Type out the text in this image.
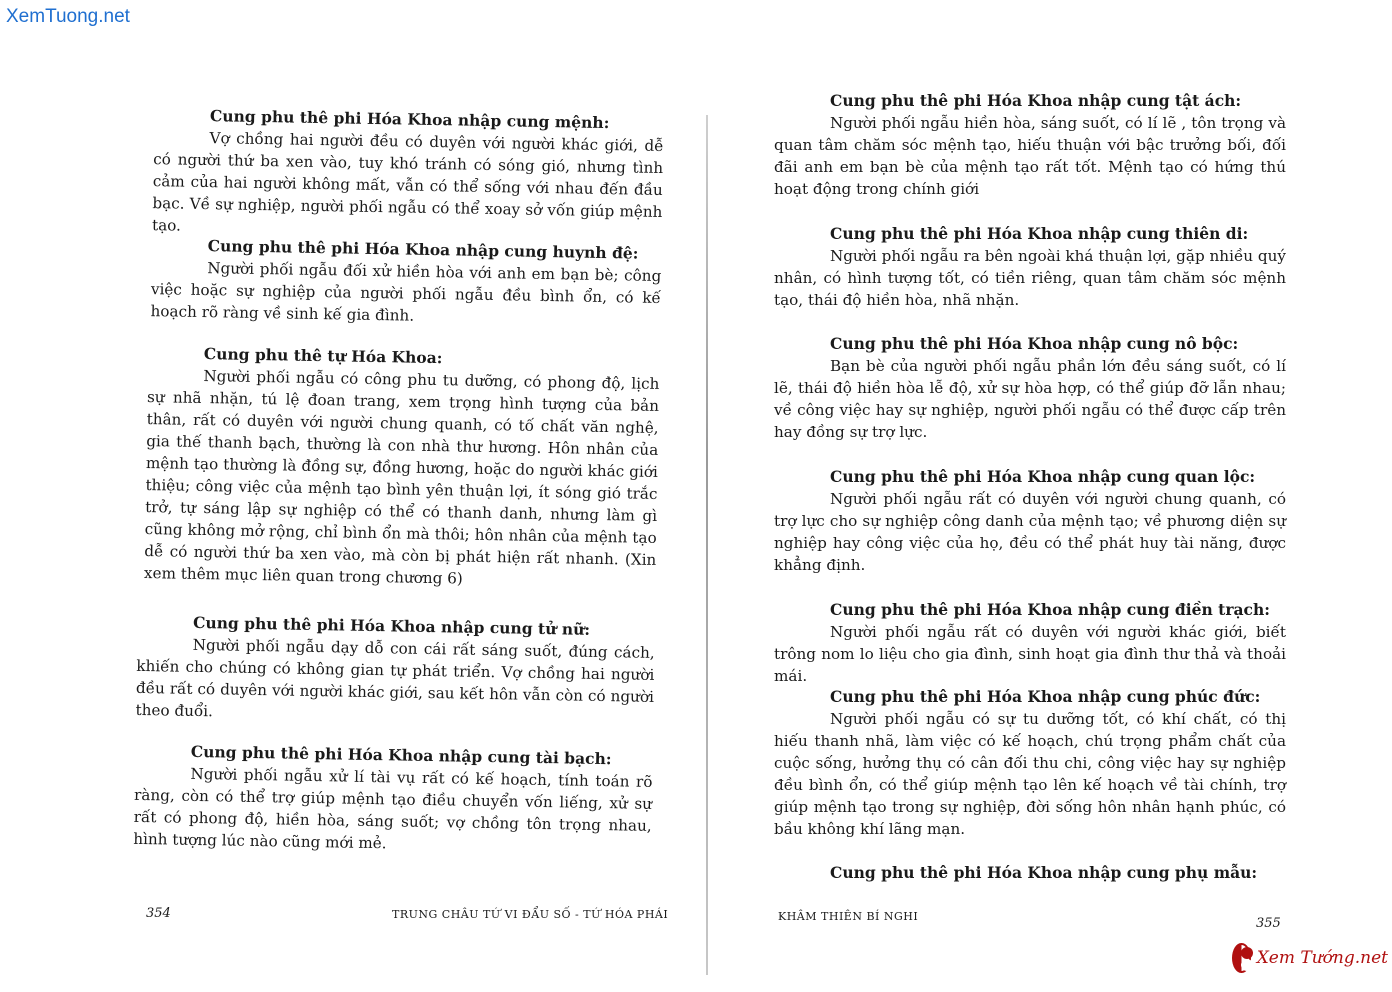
XemTuong.net

Cung phu thê phi Hóa Khoa nhập cung mệnh:

Vợ chồng hai người đều có duyên với người khác giới, dễ có người thứ ba xen vào, tuy khó tránh có sóng gió, nhưng tình cảm của hai người không mất, vẫn có thể sống với nhau đến đầu bạc. Về sự nghiệp, người phối ngẫu có thể xoay sở vốn giúp mệnh tạo.

Cung phu thê phi Hóa Khoa nhập cung huynh đệ:

Người phối ngẫu đối xử hiền hòa với anh em bạn bè; công việc hoặc sự nghiệp của người phối ngẫu đều bình ổn, có kế hoạch rõ ràng về sinh kế gia đình.

Cung phu thê tự Hóa Khoa:

Người phối ngẫu có công phu tu dưỡng, có phong độ, lịch sự nhã nhặn, tú lệ đoan trang, xem trọng hình tượng của bản thân, rất có duyên với người chung quanh, có tố chất văn nghệ, gia thế thanh bạch, thường là con nhà thư hương. Hôn nhân của mệnh tạo thường là đồng sự, đồng hương, hoặc do người khác giới thiệu; công việc của mệnh tạo bình yên thuận lợi, ít sóng gió trắc trở, tự sáng lập sự nghiệp có thể có thanh danh, nhưng làm gì cũng không mở rộng, chỉ bình ổn mà thôi; hôn nhân của mệnh tạo dễ có người thứ ba xen vào, mà còn bị phát hiện rất nhanh. (Xin xem thêm mục liên quan trong chương 6)

Cung phu thê phi Hóa Khoa nhập cung tử nữ:

Người phối ngẫu dạy dỗ con cái rất sáng suốt, đúng cách, khiến cho chúng có không gian tự phát triển. Vợ chồng hai người đều rất có duyên với người khác giới, sau kết hôn vẫn còn có người theo đuổi.

Cung phu thê phi Hóa Khoa nhập cung tài bạch:

Người phối ngẫu xử lí tài vụ rất có kế hoạch, tính toán rõ ràng, còn có thể trợ giúp mệnh tạo điều chuyển vốn liếng, xử sự rất có phong độ, hiền hòa, sáng suốt; vợ chồng tôn trọng nhau, hình tượng lúc nào cũng mới mẻ.

354	TRUNG CHÂU TỨ VI ĐẨU SỐ - TỨ HÓA PHÁI

Cung phu thê phi Hóa Khoa nhập cung tật ách:

Người phối ngẫu hiền hòa, sáng suốt, có lí lẽ , tôn trọng và quan tâm chăm sóc mệnh tạo, hiếu thuận với bậc trưởng bối, đối đãi anh em bạn bè của mệnh tạo rất tốt. Mệnh tạo có hứng thú hoạt động trong chính giới

Cung phu thê phi Hóa Khoa nhập cung thiên di:

Người phối ngẫu ra bên ngoài khá thuận lợi, gặp nhiều quý nhân, có hình tượng tốt, có tiền riêng, quan tâm chăm sóc mệnh tạo, thái độ hiền hòa, nhã nhặn.

Cung phu thê phi Hóa Khoa nhập cung nô bộc:

Bạn bè của người phối ngẫu phần lớn đều sáng suốt, có lí lẽ, thái độ hiền hòa lễ độ, xử sự hòa hợp, có thể giúp đỡ lẫn nhau; về công việc hay sự nghiệp, người phối ngẫu có thể được cấp trên hay đồng sự trợ lực.

Cung phu thê phi Hóa Khoa nhập cung quan lộc:

Người phối ngẫu rất có duyên với người chung quanh, có trợ lực cho sự nghiệp công danh của mệnh tạo; về phương diện sự nghiệp hay công việc của họ, đều có thể phát huy tài năng, được khẳng định.

Cung phu thê phi Hóa Khoa nhập cung điền trạch:

Người phối ngẫu rất có duyên với người khác giới, biết trông nom lo liệu cho gia đình, sinh hoạt gia đình thư thả và thoải mái.

Cung phu thê phi Hóa Khoa nhập cung phúc đức:

Người phối ngẫu có sự tu dưỡng tốt, có khí chất, có thị hiếu thanh nhã, làm việc có kế hoạch, chú trọng phẩm chất của cuộc sống, hưởng thụ có cân đối thu chi, công việc hay sự nghiệp đều bình ổn, có thể giúp mệnh tạo lên kế hoạch về tài chính, trợ giúp mệnh tạo trong sự nghiệp, đời sống hôn nhân hạnh phúc, có bầu không khí lãng mạn.

Cung phu thê phi Hóa Khoa nhập cung phụ mẫu:

KHÂM THIÊN BÍ NGHI	355
Xem Tướng.net
